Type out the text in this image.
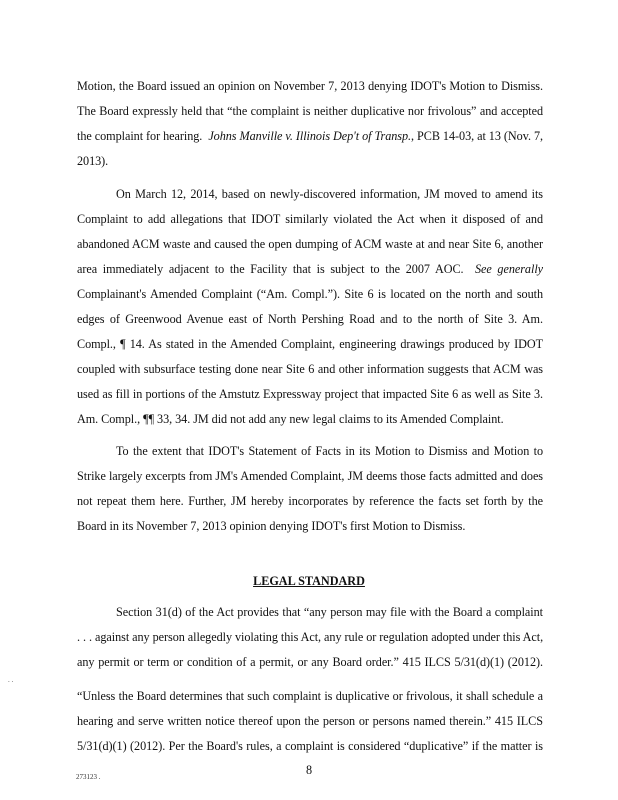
Motion, the Board issued an opinion on November 7, 2013 denying IDOT's Motion to Dismiss.
The Board expressly held that “the complaint is neither duplicative nor frivolous” and accepted
the complaint for hearing. Johns Manville v. Illinois Dep't of Transp., PCB 14-03, at 13 (Nov. 7,
2013).
On March 12, 2014, based on newly-discovered information, JM moved to amend its
Complaint to add allegations that IDOT similarly violated the Act when it disposed of and
abandoned ACM waste and caused the open dumping of ACM waste at and near Site 6, another
area immediately adjacent to the Facility that is subject to the 2007 AOC. See generally
Complainant's Amended Complaint (“Am. Compl.”). Site 6 is located on the north and south
edges of Greenwood Avenue east of North Pershing Road and to the north of Site 3. Am.
Compl., ¶ 14. As stated in the Amended Complaint, engineering drawings produced by IDOT
coupled with subsurface testing done near Site 6 and other information suggests that ACM was
used as fill in portions of the Amstutz Expressway project that impacted Site 6 as well as Site 3.
Am. Compl., ¶¶ 33, 34. JM did not add any new legal claims to its Amended Complaint.
To the extent that IDOT's Statement of Facts in its Motion to Dismiss and Motion to
Strike largely excerpts from JM's Amended Complaint, JM deems those facts admitted and does
not repeat them here. Further, JM hereby incorporates by reference the facts set forth by the
Board in its November 7, 2013 opinion denying IDOT's first Motion to Dismiss.
LEGAL STANDARD
Section 31(d) of the Act provides that “any person may file with the Board a complaint
. . . against any person allegedly violating this Act, any rule or regulation adopted under this Act,
any permit or term or condition of a permit, or any Board order.” 415 ILCS 5/31(d)(1) (2012).
“Unless the Board determines that such complaint is duplicative or frivolous, it shall schedule a
hearing and serve written notice thereof upon the person or persons named therein.” 415 ILCS
5/31(d)(1) (2012). Per the Board's rules, a complaint is considered “duplicative” if the matter is
8
273123 .
. .
